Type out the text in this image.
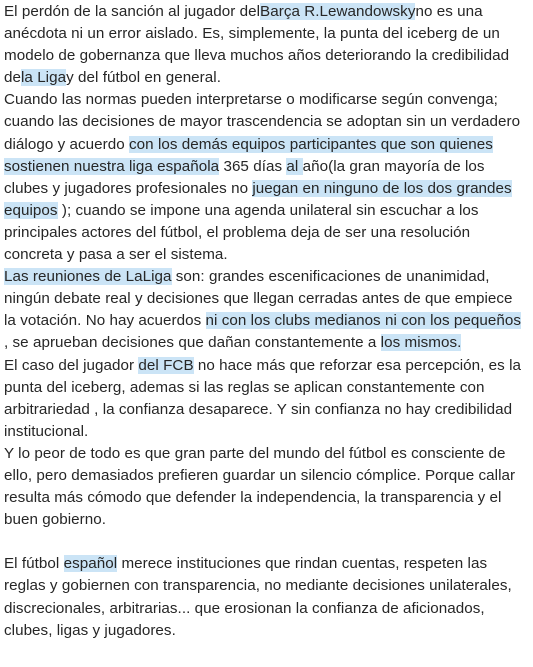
El perdón de la sanción al jugador delBarça R.Lewandowskyno es una anécdota ni un error aislado. Es, simplemente, la punta del iceberg de un modelo de gobernanza que lleva muchos años deteriorando la credibilidad dela Ligay del fútbol en general.

Cuando las normas pueden interpretarse o modificarse según convenga; cuando las decisiones de mayor trascendencia se adoptan sin un verdadero diálogo y acuerdo con los demás equipos participantes que son quienes sostienen nuestra liga española 365 días al año(la gran mayoría de los clubes y jugadores profesionales no juegan en ninguno de los dos grandes equipos ); cuando se impone una agenda unilateral sin escuchar a los principales actores del fútbol, el problema deja de ser una resolución concreta y pasa a ser el sistema.

Las reuniones de LaLiga son: grandes escenificaciones de unanimidad, ningún debate real y decisiones que llegan cerradas antes de que empiece la votación. No hay acuerdos ni con los clubs medianos ni con los pequeños , se aprueban decisiones que dañan constantemente a los mismos.

El caso del jugador del FCB no hace más que reforzar esa percepción, es la punta del iceberg, ademas si las reglas se aplican constantemente con arbitrariedad , la confianza desaparece. Y sin confianza no hay credibilidad institucional.

Y lo peor de todo es que gran parte del mundo del fútbol es consciente de ello, pero demasiados prefieren guardar un silencio cómplice. Porque callar resulta más cómodo que defender la independencia, la transparencia y el buen gobierno.

El fútbol español merece instituciones que rindan cuentas, respeten las reglas y gobiernen con transparencia, no mediante decisiones unilaterales, discrecionales, arbitrarias... que erosionan la confianza de aficionados, clubes, ligas y jugadores.
